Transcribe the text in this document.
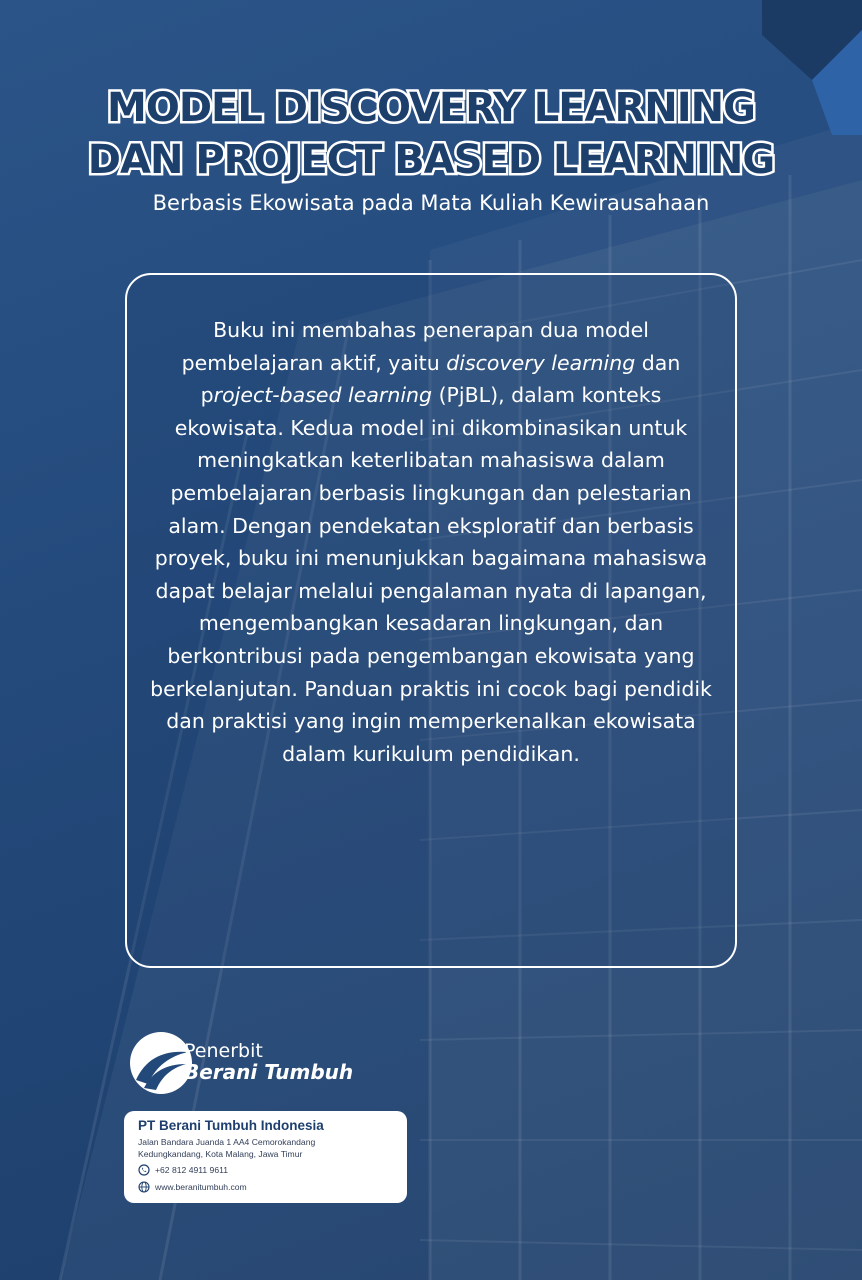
MODEL DISCOVERY LEARNING
DAN PROJECT BASED LEARNING
Berbasis Ekowisata pada Mata Kuliah Kewirausahaan
Buku ini membahas penerapan dua model pembelajaran aktif, yaitu discovery learning dan project-based learning (PjBL), dalam konteks ekowisata. Kedua model ini dikombinasikan untuk meningkatkan keterlibatan mahasiswa dalam pembelajaran berbasis lingkungan dan pelestarian alam. Dengan pendekatan eksploratif dan berbasis proyek, buku ini menunjukkan bagaimana mahasiswa dapat belajar melalui pengalaman nyata di lapangan, mengembangkan kesadaran lingkungan, dan berkontribusi pada pengembangan ekowisata yang berkelanjutan. Panduan praktis ini cocok bagi pendidik dan praktisi yang ingin memperkenalkan ekowisata dalam kurikulum pendidikan.
Penerbit
Berani Tumbuh
PT Berani Tumbuh Indonesia
Jalan Bandara Juanda 1 AA4 Cemorokandang
Kedungkandang, Kota Malang, Jawa Timur
+62 812 4911 9611
www.beranitumbuh.com
